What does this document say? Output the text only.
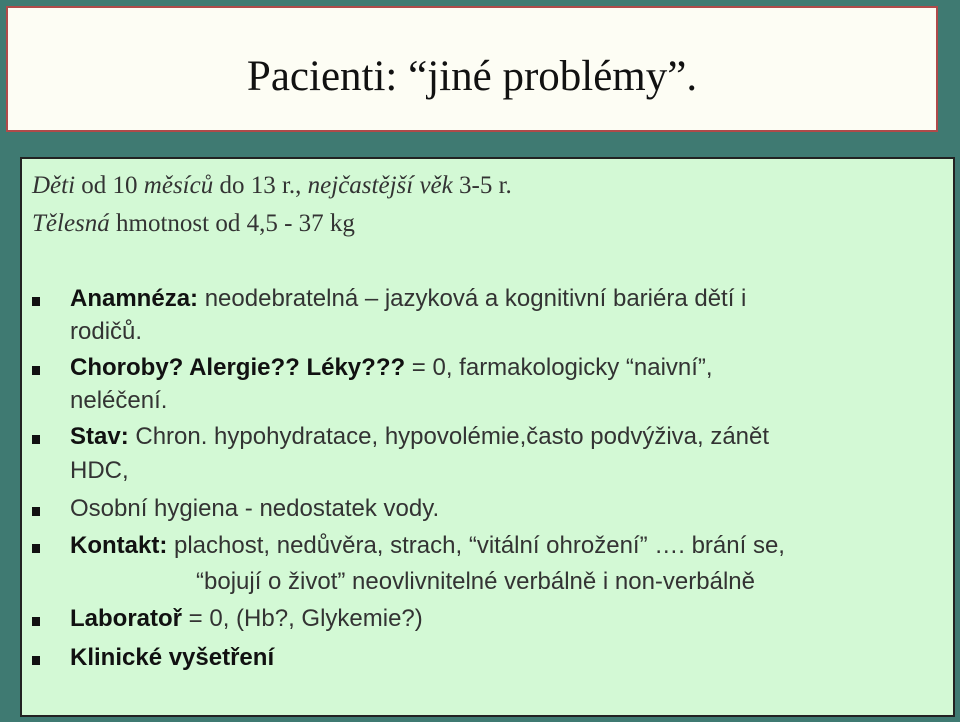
Pacienti: “jiné problémy”.
Děti od 10 měsíců do 13 r., nejčastější věk 3-5 r.
Tělesná hmotnost od 4,5 - 37 kg
Anamnéza: neodebratelná – jazyková a kognitivní bariéra dětí i
rodičů.
Choroby? Alergie?? Léky??? = 0, farmakologicky “naivní”,
neléčení.
Stav: Chron. hypohydratace, hypovolémie,často podvýživa, zánět
HDC,
Osobní hygiena - nedostatek vody.
Kontakt: plachost, nedůvěra, strach, “vitální ohrožení” …. brání se,
“bojují o život” neovlivnitelné verbálně i non-verbálně
Laboratoř = 0, (Hb?, Glykemie?)
Klinické vyšetření
